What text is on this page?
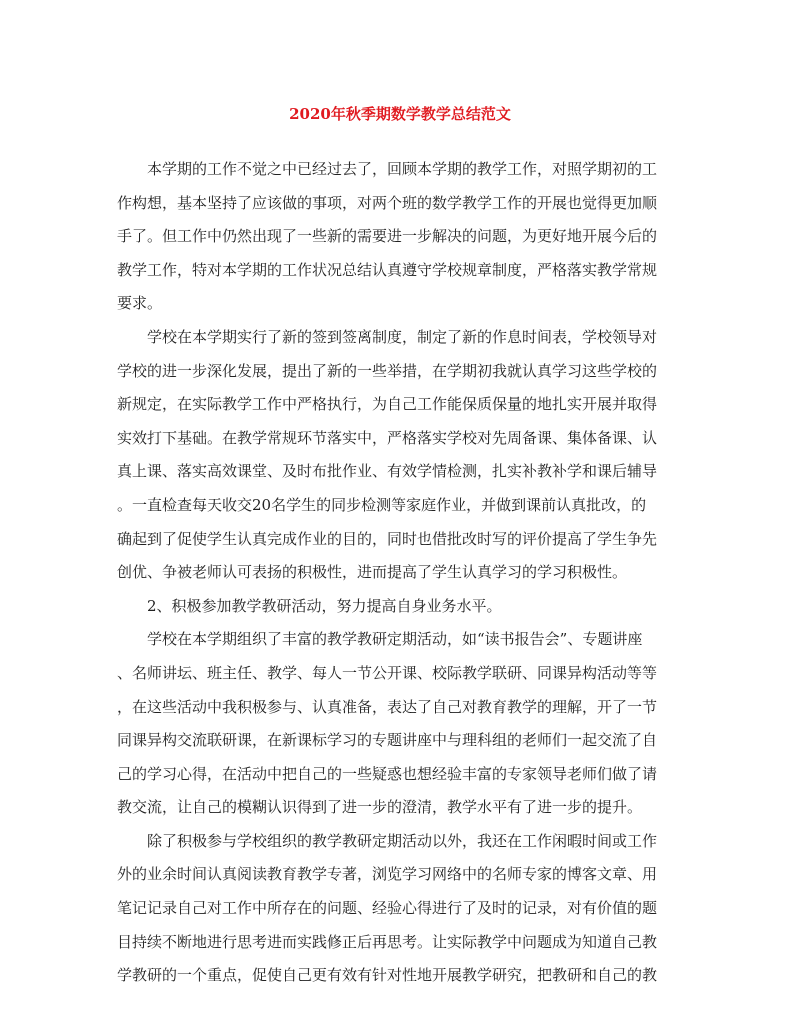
2020年秋季期数学教学总结范文
本学期的工作不觉之中已经过去了，回顾本学期的教学工作，对照学期初的工
作构想，基本坚持了应该做的事项，对两个班的数学教学工作的开展也觉得更加顺
手了。但工作中仍然出现了一些新的需要进一步解决的问题，为更好地开展今后的
教学工作，特对本学期的工作状况总结认真遵守学校规章制度，严格落实教学常规
要求。
学校在本学期实行了新的签到签离制度，制定了新的作息时间表，学校领导对
学校的进一步深化发展，提出了新的一些举措，在学期初我就认真学习这些学校的
新规定，在实际教学工作中严格执行，为自己工作能保质保量的地扎实开展并取得
实效打下基础。在教学常规环节落实中，严格落实学校对先周备课、集体备课、认
真上课、落实高效课堂、及时布批作业、有效学情检测，扎实补教补学和课后辅导
。一直检查每天收交20名学生的同步检测等家庭作业，并做到课前认真批改，的
确起到了促使学生认真完成作业的目的，同时也借批改时写的评价提高了学生争先
创优、争被老师认可表扬的积极性，进而提高了学生认真学习的学习积极性。
2、积极参加教学教研活动，努力提高自身业务水平。
学校在本学期组织了丰富的教学教研定期活动，如“读书报告会”、专题讲座
、名师讲坛、班主任、教学、每人一节公开课、校际教学联研、同课异构活动等等
，在这些活动中我积极参与、认真准备，表达了自己对教育教学的理解，开了一节
同课异构交流联研课，在新课标学习的专题讲座中与理科组的老师们一起交流了自
己的学习心得，在活动中把自己的一些疑惑也想经验丰富的专家领导老师们做了请
教交流，让自己的模糊认识得到了进一步的澄清，教学水平有了进一步的提升。
除了积极参与学校组织的教学教研定期活动以外，我还在工作闲暇时间或工作
外的业余时间认真阅读教育教学专著，浏览学习网络中的名师专家的博客文章、用
笔记记录自己对工作中所存在的问题、经验心得进行了及时的记录，对有价值的题
目持续不断地进行思考进而实践修正后再思考。让实际教学中问题成为知道自己教
学教研的一个重点，促使自己更有效有针对性地开展教学研究，把教研和自己的教
